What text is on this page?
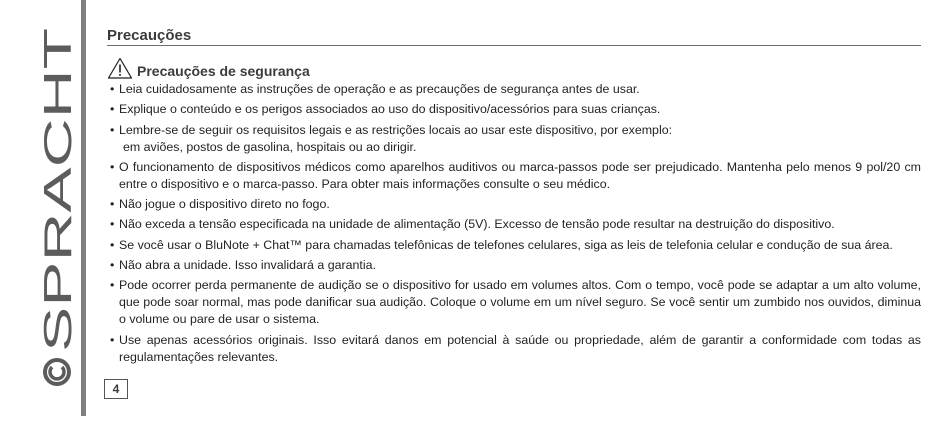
SPRACHT
Precauções
Precauções de segurança
• Leia cuidadosamente as instruções de operação e as precauções de segurança antes de usar.
• Explique o conteúdo e os perigos associados ao uso do dispositivo/acessórios para suas crianças.
• Lembre-se de seguir os requisitos legais e as restrições locais ao usar este dispositivo, por exemplo:
em aviões, postos de gasolina, hospitais ou ao dirigir.
• O funcionamento de dispositivos médicos como aparelhos auditivos ou marca-passos pode ser prejudicado. Mantenha pelo menos 9 pol/20 cm entre o dispositivo e o marca-passo. Para obter mais informações consulte o seu médico.
• Não jogue o dispositivo direto no fogo.
• Não exceda a tensão especificada na unidade de alimentação (5V). Excesso de tensão pode resultar na destruição do dispositivo.
• Se você usar o BluNote + Chat™ para chamadas telefônicas de telefones celulares, siga as leis de telefonia celular e condução de sua área.
• Não abra a unidade. Isso invalidará a garantia.
• Pode ocorrer perda permanente de audição se o dispositivo for usado em volumes altos. Com o tempo, você pode se adaptar a um alto volume, que pode soar normal, mas pode danificar sua audição. Coloque o volume em um nível seguro. Se você sentir um zumbido nos ouvidos, diminua o volume ou pare de usar o sistema.
• Use apenas acessórios originais. Isso evitará danos em potencial à saúde ou propriedade, além de garantir a conformidade com todas as regulamentações relevantes.
4
